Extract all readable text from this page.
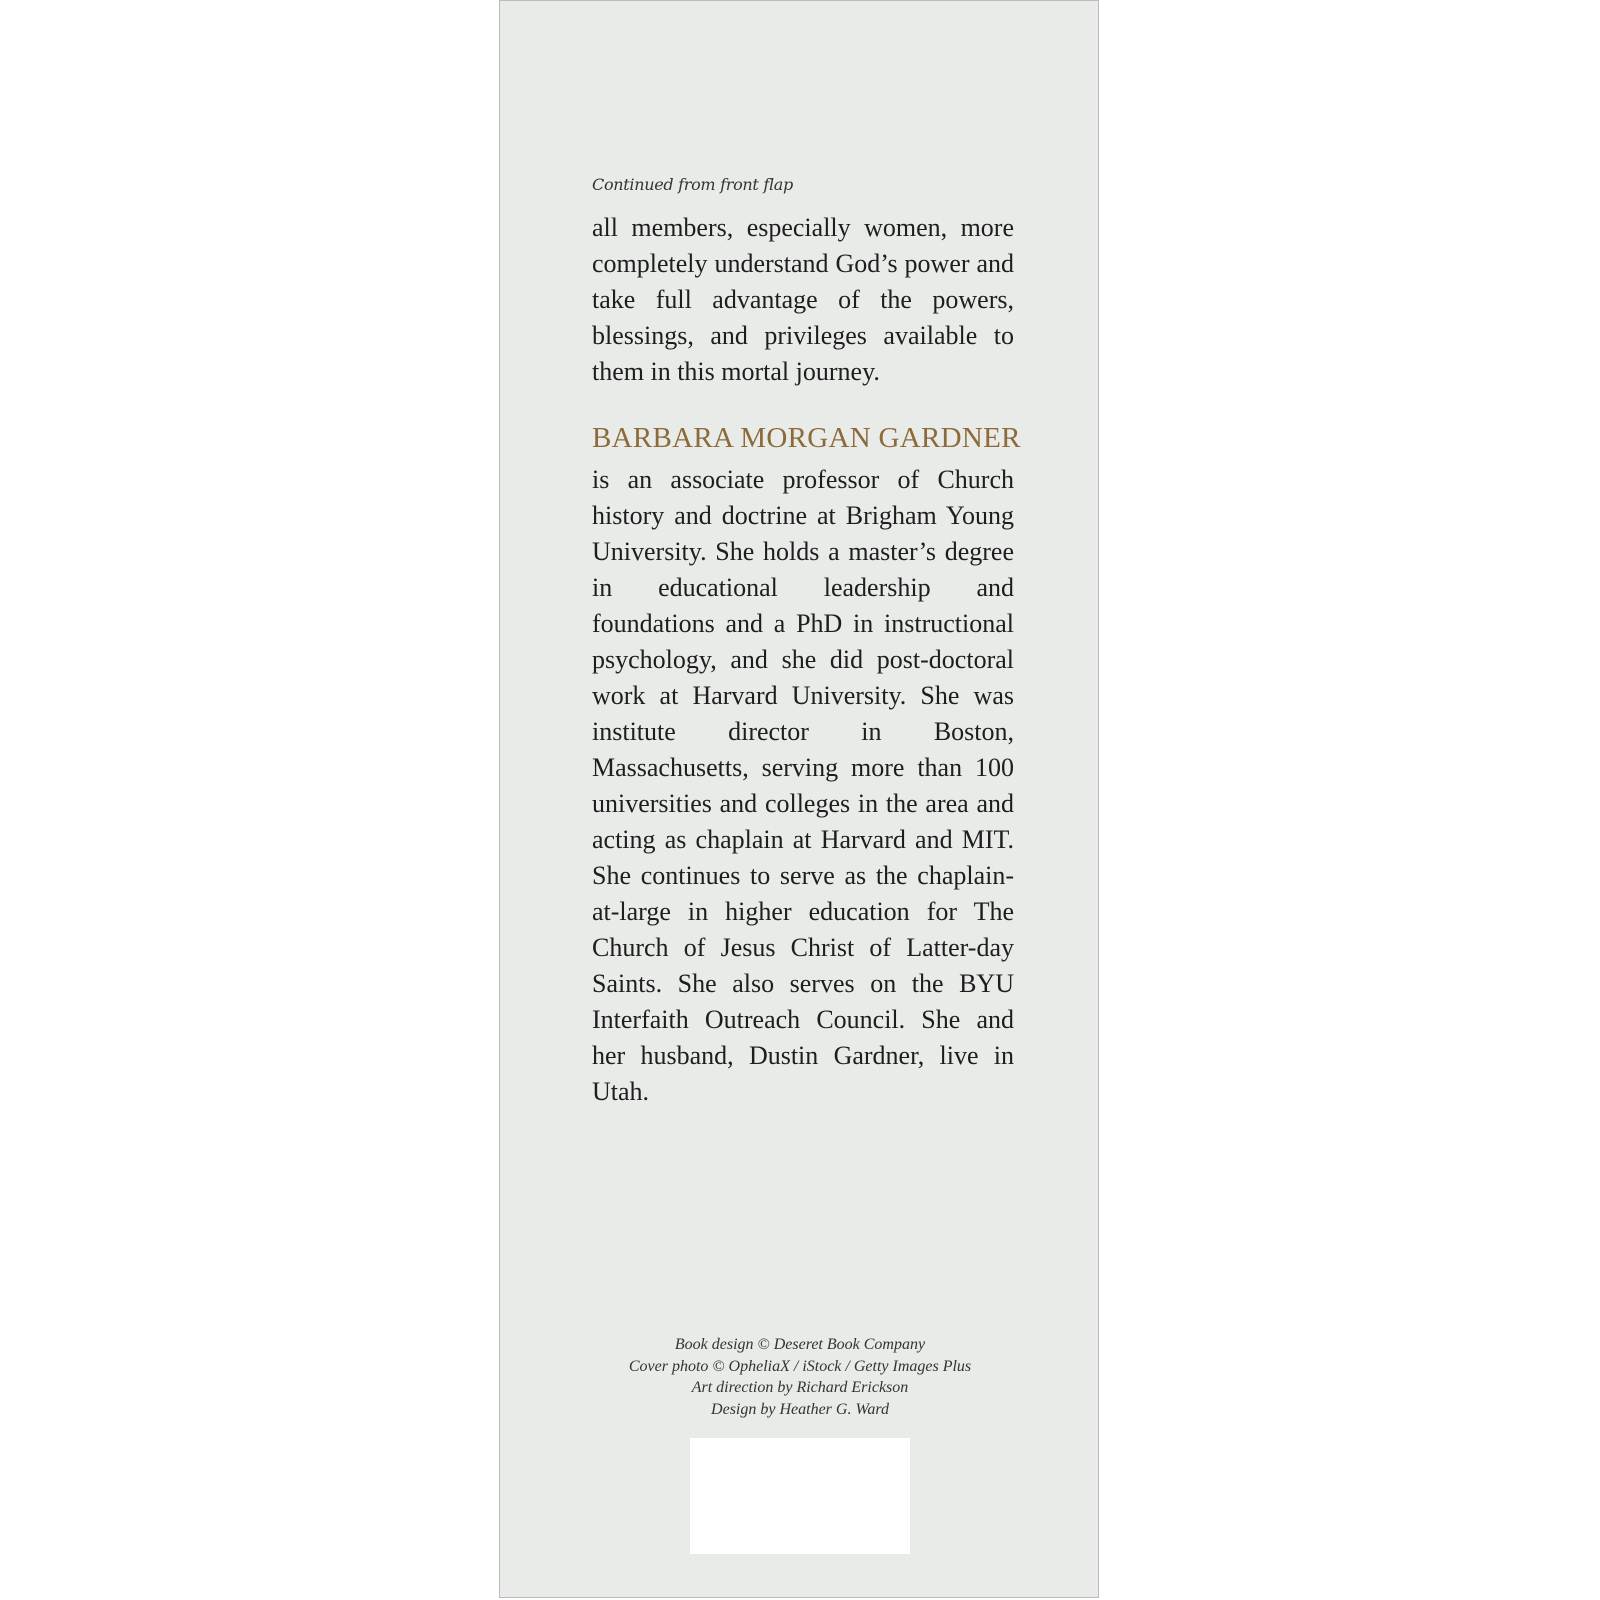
Continued from front flap
all members, especially women, more completely understand God’s power and take full advantage of the powers, blessings, and privileges available to them in this mortal journey.
BARBARA MORGAN GARDNER
is an associate professor of Church history and doctrine at Brigham Young University. She holds a master’s degree in educational leadership and foundations and a PhD in instructional psychology, and she did post-doctoral work at Harvard University. She was institute director in Boston, Massachusetts, serving more than 100 universities and colleges in the area and acting as chaplain at Harvard and MIT. She continues to serve as the chaplain-at-large in higher education for The Church of Jesus Christ of Latter-day Saints. She also serves on the BYU Interfaith Outreach Council. She and her husband, Dustin Gardner, live in Utah.
Book design © Deseret Book Company
Cover photo © OpheliaX / iStock / Getty Images Plus
Art direction by Richard Erickson
Design by Heather G. Ward
